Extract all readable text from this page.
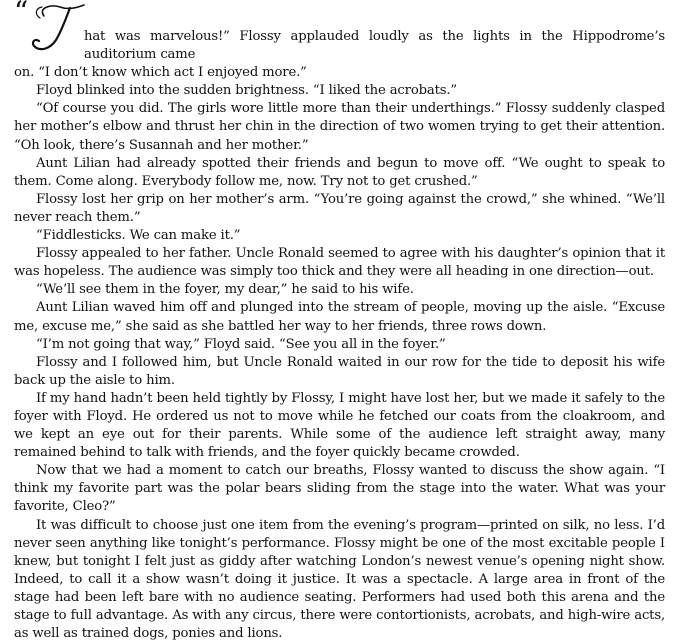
“ T
hat was marvelous!” Flossy applauded loudly as the lights in the Hippodrome’s auditorium came
on. “I don’t know which act I enjoyed more.”

Floyd blinked into the sudden brightness. “I liked the acrobats.”

“Of course you did. The girls wore little more than their underthings.” Flossy suddenly clasped her mother’s elbow and thrust her chin in the direction of two women trying to get their attention. “Oh look, there’s Susannah and her mother.”

Aunt Lilian had already spotted their friends and begun to move off. “We ought to speak to them. Come along. Everybody follow me, now. Try not to get crushed.”

Flossy lost her grip on her mother’s arm. “You’re going against the crowd,” she whined. “We’ll never reach them.”

“Fiddlesticks. We can make it.”

Flossy appealed to her father. Uncle Ronald seemed to agree with his daughter’s opinion that it was hopeless. The audience was simply too thick and they were all heading in one direction—out.

“We’ll see them in the foyer, my dear,” he said to his wife.

Aunt Lilian waved him off and plunged into the stream of people, moving up the aisle. “Excuse me, excuse me,” she said as she battled her way to her friends, three rows down.

“I’m not going that way,” Floyd said. “See you all in the foyer.”

Flossy and I followed him, but Uncle Ronald waited in our row for the tide to deposit his wife back up the aisle to him.

If my hand hadn’t been held tightly by Flossy, I might have lost her, but we made it safely to the foyer with Floyd. He ordered us not to move while he fetched our coats from the cloakroom, and we kept an eye out for their parents. While some of the audience left straight away, many remained behind to talk with friends, and the foyer quickly became crowded.

Now that we had a moment to catch our breaths, Flossy wanted to discuss the show again. “I think my favorite part was the polar bears sliding from the stage into the water. What was your favorite, Cleo?”

It was difficult to choose just one item from the evening’s program—printed on silk, no less. I’d never seen anything like tonight’s performance. Flossy might be one of the most excitable people I knew, but tonight I felt just as giddy after watching London’s newest venue’s opening night show. Indeed, to call it a show wasn’t doing it justice. It was a spectacle. A large area in front of the stage had been left bare with no audience seating. Performers had used both this arena and the stage to full advantage. As with any circus, there were contortionists, acrobats, and high-wire acts, as well as trained dogs, ponies and lions.
